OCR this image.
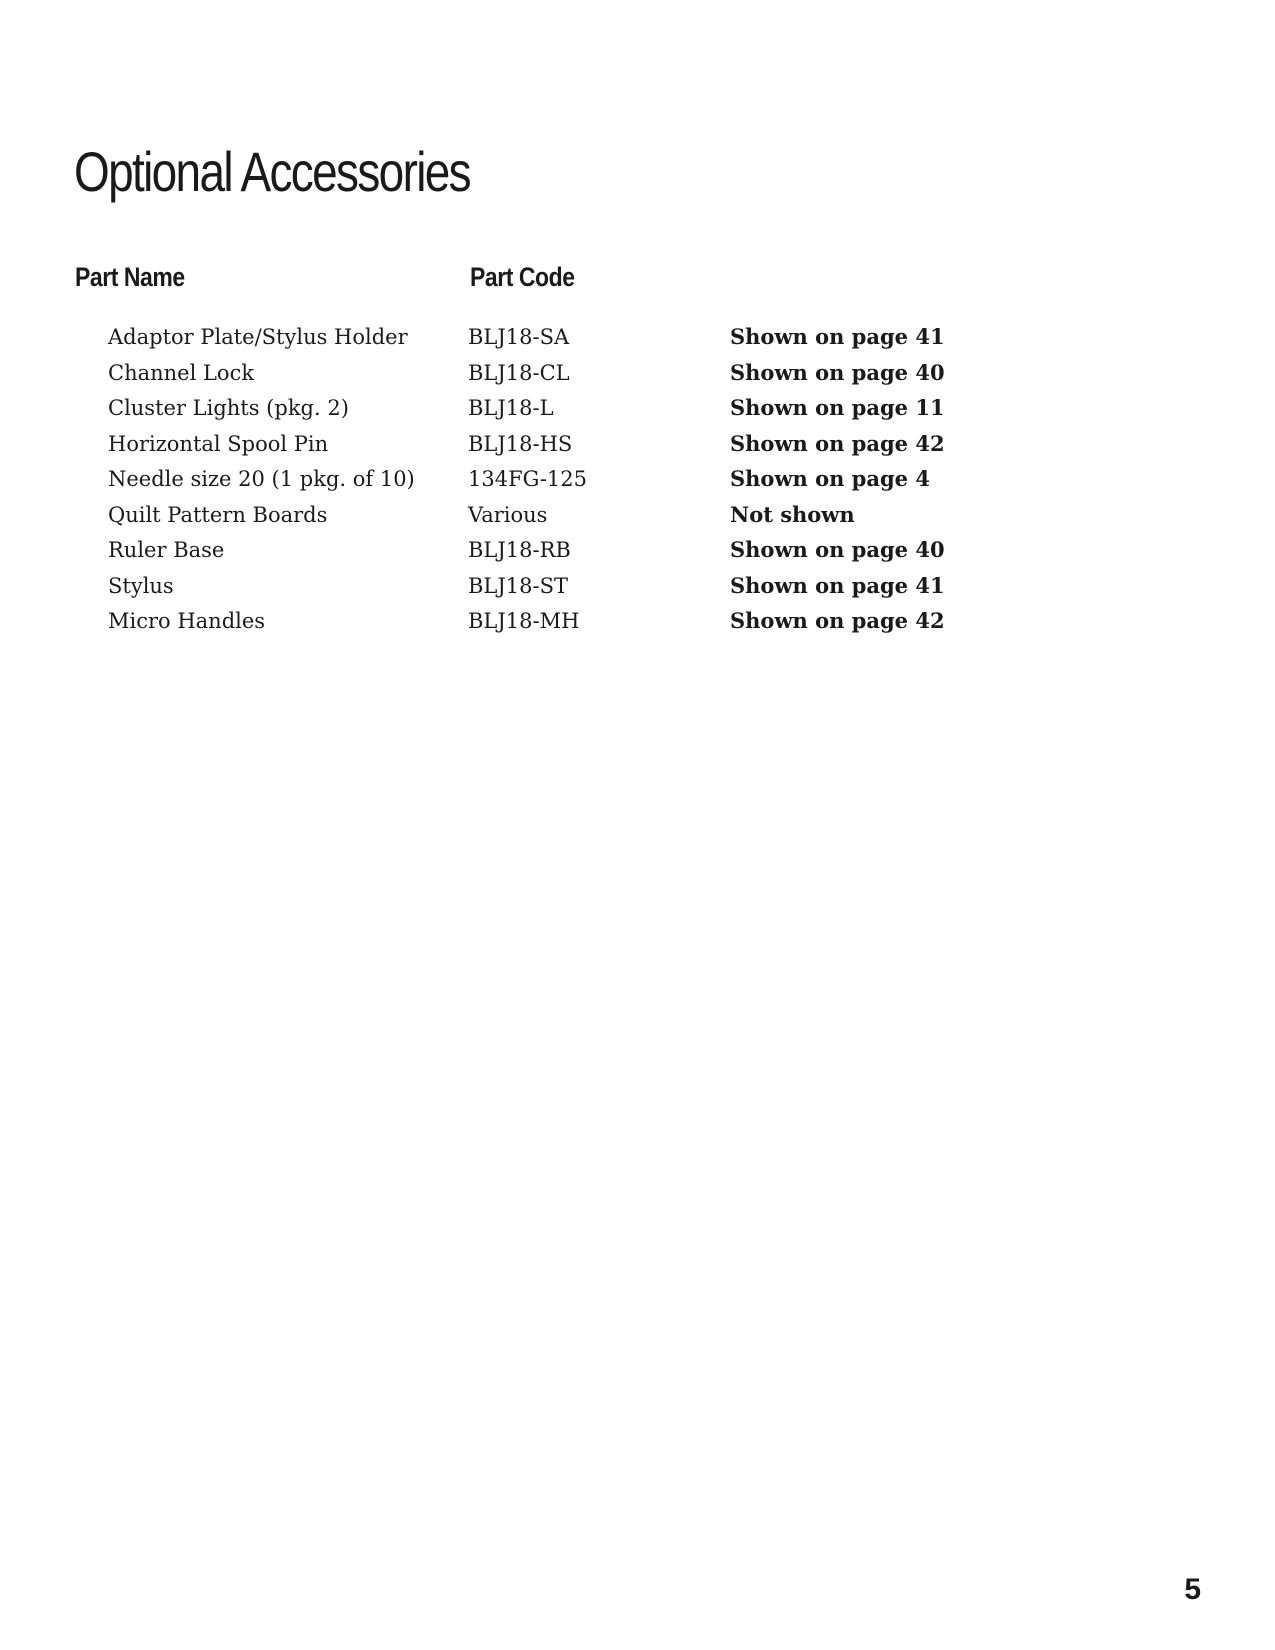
Optional Accessories
Part Name	Part Code
Adaptor Plate/Stylus Holder	BLJ18-SA	Shown on page 41
Channel Lock	BLJ18-CL	Shown on page 40
Cluster Lights (pkg. 2)	BLJ18-L	Shown on page 11
Horizontal Spool Pin	BLJ18-HS	Shown on page 42
Needle size 20 (1 pkg. of 10)	134FG-125	Shown on page 4
Quilt Pattern Boards	Various	Not shown
Ruler Base	BLJ18-RB	Shown on page 40
Stylus	BLJ18-ST	Shown on page 41
Micro Handles	BLJ18-MH	Shown on page 42
5
